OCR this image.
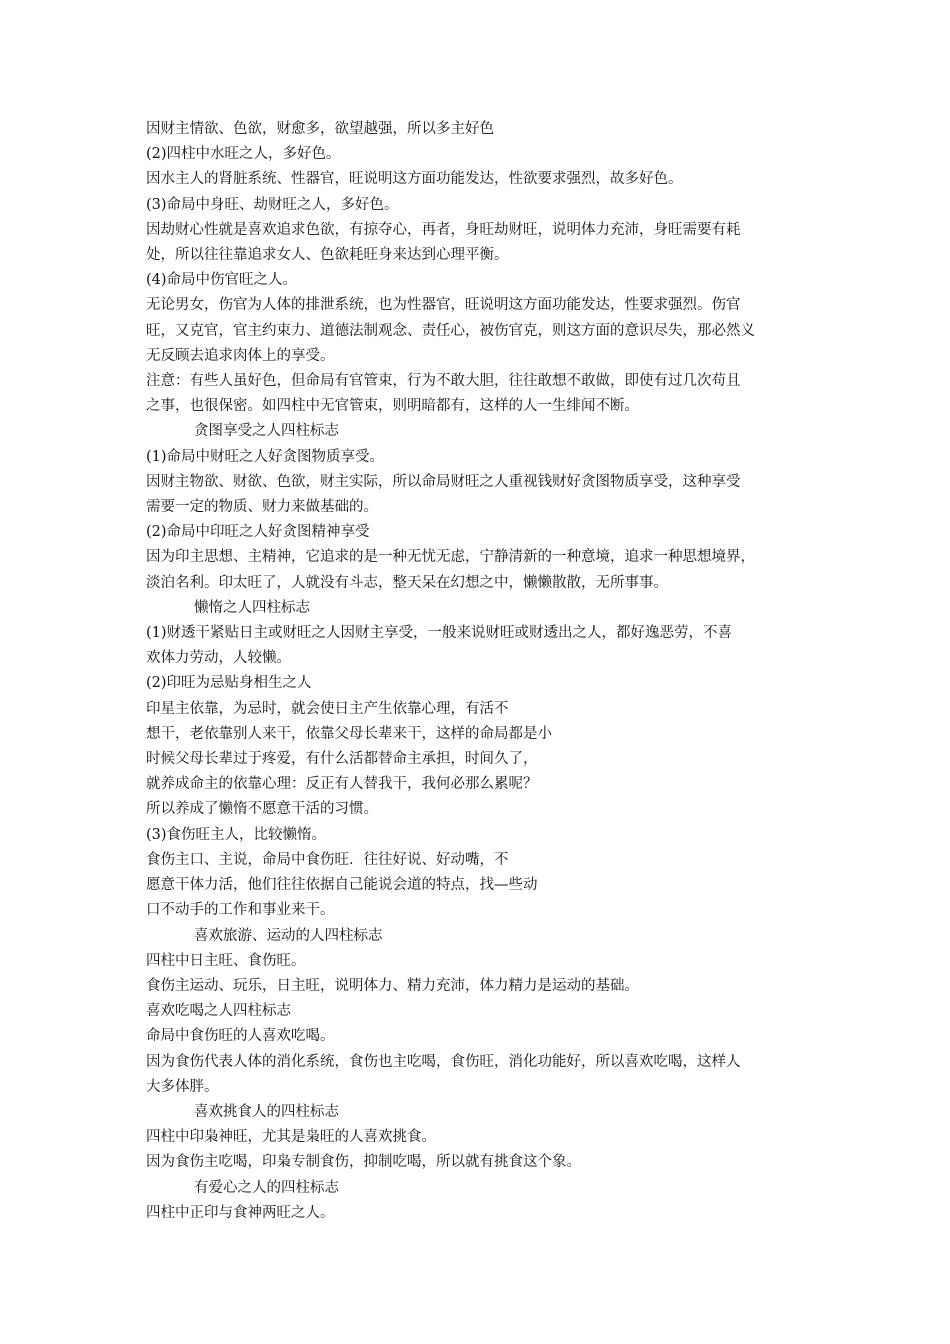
因财主情欲、色欲，财愈多，欲望越强，所以多主好色
(2)四柱中水旺之人，多好色。
因水主人的肾脏系统、性器官，旺说明这方面功能发达，性欲要求强烈，故多好色。
(3)命局中身旺、劫财旺之人，多好色。
因劫财心性就是喜欢追求色欲，有掠夺心，再者，身旺劫财旺，说明体力充沛，身旺需要有耗
处，所以往往靠追求女人、色欲耗旺身来达到心理平衡。
(4)命局中伤官旺之人。
无论男女，伤官为人体的排泄系统，也为性器官，旺说明这方面功能发达，性要求强烈。伤官
旺，又克官，官主约束力、道德法制观念、责任心，被伤官克，则这方面的意识尽失，那必然义
无反顾去追求肉体上的享受。
注意：有些人虽好色，但命局有官管束，行为不敢大胆，往往敢想不敢做，即使有过几次苟且
之事，也很保密。如四柱中无官管束，则明暗都有，这样的人一生绯闻不断。
贪图享受之人四柱标志
(1)命局中财旺之人好贪图物质享受。
因财主物欲、财欲、色欲，财主实际，所以命局财旺之人重视钱财好贪图物质享受，这种享受
需要一定的物质、财力来做基础的。
(2)命局中印旺之人好贪图精神享受
因为印主思想、主精神，它追求的是一种无忧无虑，宁静清新的一种意境，追求一种思想境界，
淡泊名利。印太旺了，人就没有斗志，整天呆在幻想之中，懒懒散散，无所事事。
懒惰之人四柱标志
(1)财透干紧贴日主或财旺之人因财主享受，一般来说财旺或财透出之人，都好逸恶劳，不喜
欢体力劳动，人较懒。
(2)印旺为忌贴身相生之人
印星主依靠，为忌时，就会使日主产生依靠心理，有活不
想干，老依靠别人来干，依靠父母长辈来干，这样的命局都是小
时候父母长辈过于疼爱，有什么活都替命主承担，时间久了，
就养成命主的依靠心理：反正有人替我干，我何必那么累呢？
所以养成了懒惰不愿意干活的习惯。
(3)食伤旺主人，比较懒惰。
食伤主口、主说，命局中食伤旺．往往好说、好动嘴，不
愿意干体力活，他们往往依据自己能说会道的特点，找—些动
口不动手的工作和事业来干。
喜欢旅游、运动的人四柱标志
四柱中日主旺、食伤旺。
食伤主运动、玩乐，日主旺，说明体力、精力充沛，体力精力是运动的基础。
喜欢吃喝之人四柱标志
命局中食伤旺的人喜欢吃喝。
因为食伤代表人体的消化系统，食伤也主吃喝，食伤旺，消化功能好，所以喜欢吃喝，这样人
大多体胖。
喜欢挑食人的四柱标志
四柱中印枭神旺，尤其是枭旺的人喜欢挑食。
因为食伤主吃喝，印枭专制食伤，抑制吃喝，所以就有挑食这个象。
有爱心之人的四柱标志
四柱中正印与食神两旺之人。
